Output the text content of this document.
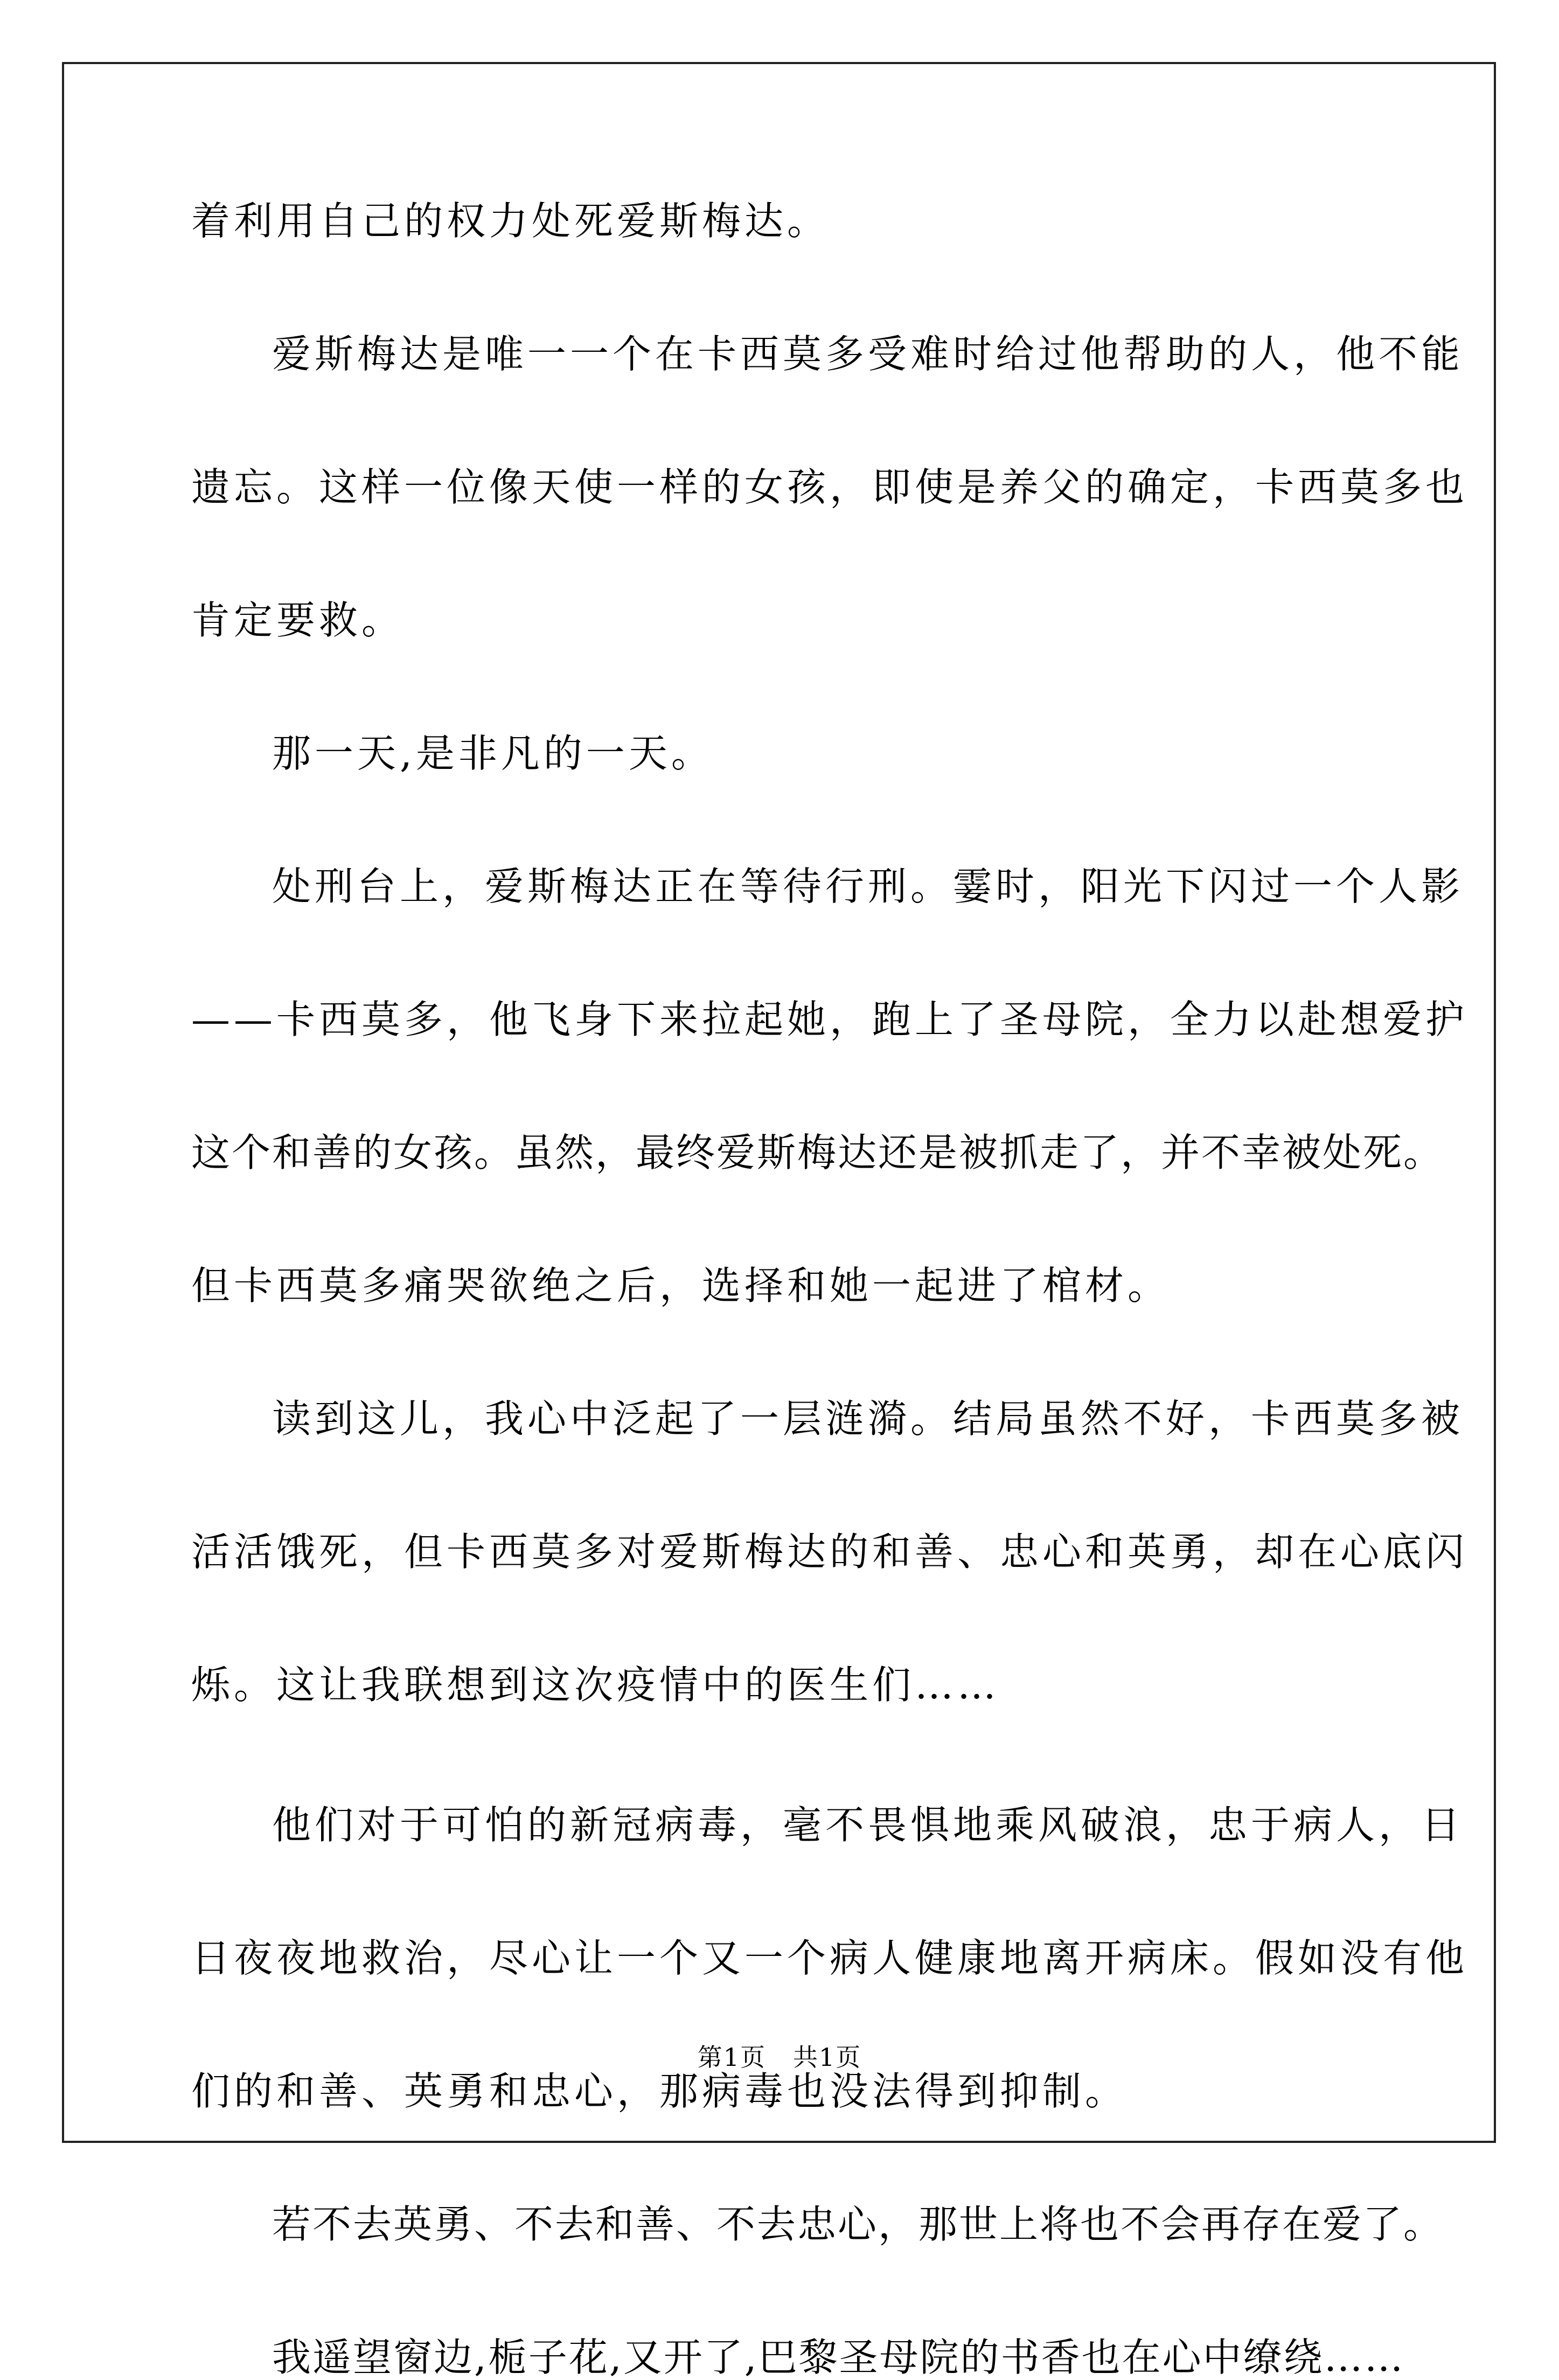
着利用自己的权力处死爱斯梅达。
爱斯梅达是唯一一个在卡西莫多受难时给过他帮助的人，他不能
遗忘。这样一位像天使一样的女孩，即使是养父的确定，卡西莫多也
肯定要救。
那一天,是非凡的一天。
处刑台上，爱斯梅达正在等待行刑。霎时，阳光下闪过一个人影
——卡西莫多，他飞身下来拉起她，跑上了圣母院，全力以赴想爱护
这个和善的女孩。虽然，最终爱斯梅达还是被抓走了，并不幸被处死。
但卡西莫多痛哭欲绝之后，选择和她一起进了棺材。
读到这儿，我心中泛起了一层涟漪。结局虽然不好，卡西莫多被
活活饿死，但卡西莫多对爱斯梅达的和善、忠心和英勇，却在心底闪
烁。这让我联想到这次疫情中的医生们……
他们对于可怕的新冠病毒，毫不畏惧地乘风破浪，忠于病人，日
日夜夜地救治，尽心让一个又一个病人健康地离开病床。假如没有他
们的和善、英勇和忠心，那病毒也没法得到抑制。
若不去英勇、不去和善、不去忠心，那世上将也不会再存在爱了。
我遥望窗边,栀子花,又开了,巴黎圣母院的书香也在心中缭绕……
第1页 共1页
